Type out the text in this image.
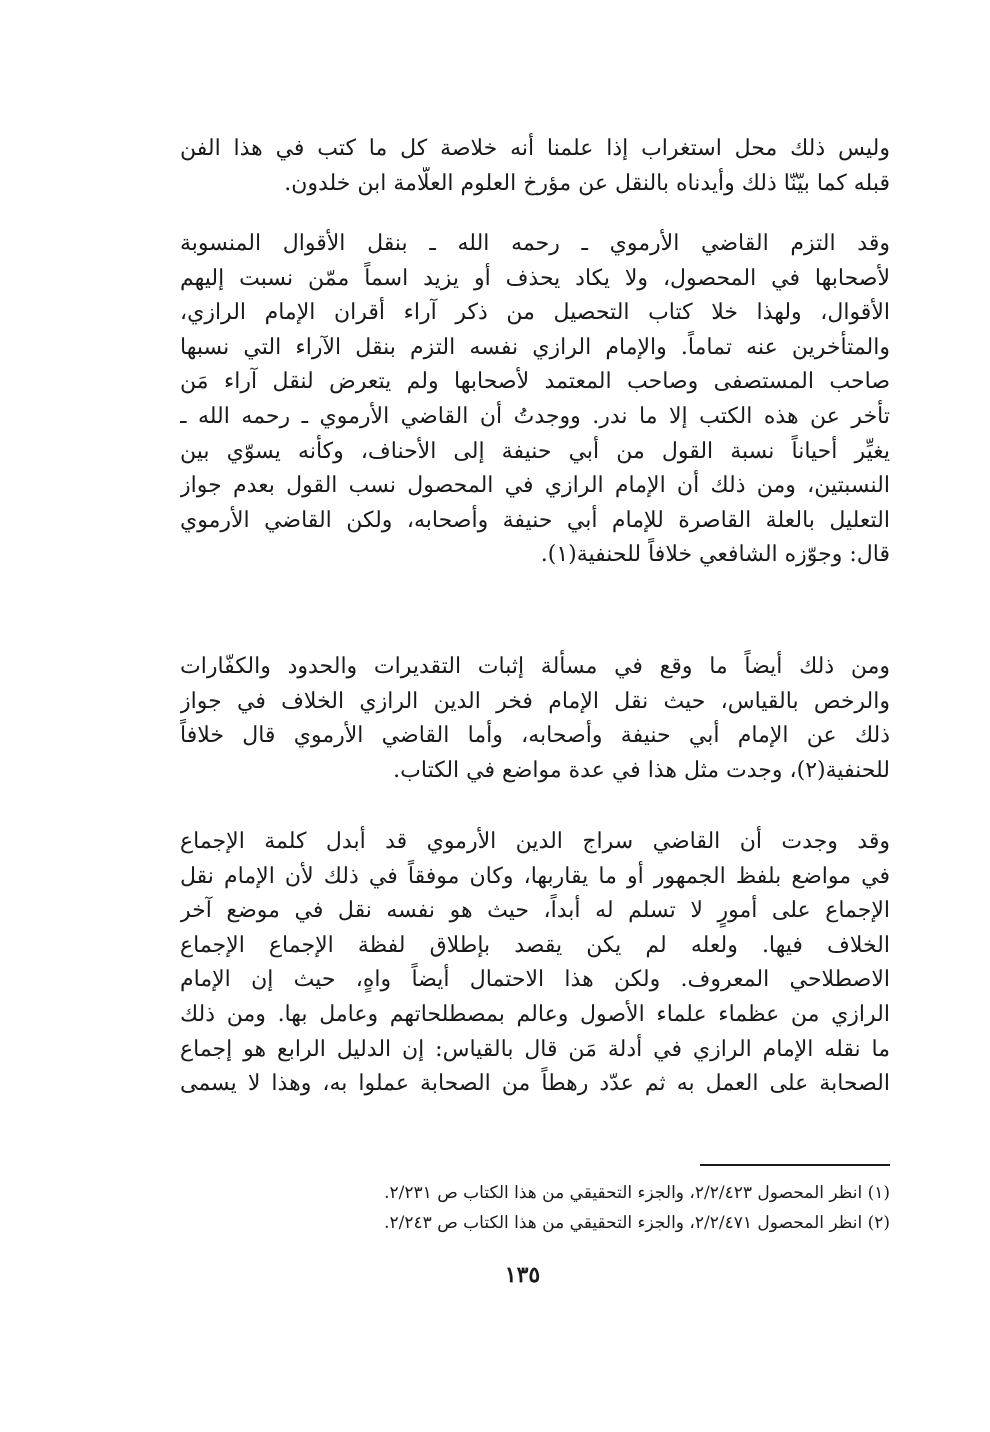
وليس ذلك محل استغراب إذا علمنا أنه خلاصة كل ما كتب في هذا الفن
قبله كما بيّنّا ذلك وأيدناه بالنقل عن مؤرخ العلوم العلّامة ابن خلدون.
وقد التزم القاضي الأرموي ـ رحمه الله ـ بنقل الأقوال المنسوبة
لأصحابها في المحصول، ولا يكاد يحذف أو يزيد اسماً ممّن نسبت إليهم
الأقوال، ولهذا خلا كتاب التحصيل من ذكر آراء أقران الإمام الرازي،
والمتأخرين عنه تماماً. والإمام الرازي نفسه التزم بنقل الآراء التي نسبها
صاحب المستصفى وصاحب المعتمد لأصحابها ولم يتعرض لنقل آراء مَن
تأخر عن هذه الكتب إلا ما ندر. ووجدتُ أن القاضي الأرموي ـ رحمه الله ـ
يغيِّر أحياناً نسبة القول من أبي حنيفة إلى الأحناف، وكأنه يسوّي بين
النسبتين، ومن ذلك أن الإمام الرازي في المحصول نسب القول بعدم جواز
التعليل بالعلة القاصرة للإمام أبي حنيفة وأصحابه، ولكن القاضي الأرموي
قال: وجوّزه الشافعي خلافاً للحنفية(١).
ومن ذلك أيضاً ما وقع في مسألة إثبات التقديرات والحدود والكفّارات
والرخص بالقياس، حيث نقل الإمام فخر الدين الرازي الخلاف في جواز
ذلك عن الإمام أبي حنيفة وأصحابه، وأما القاضي الأرموي قال خلافاً
للحنفية(٢)، وجدت مثل هذا في عدة مواضع في الكتاب.
وقد وجدت أن القاضي سراج الدين الأرموي قد أبدل كلمة الإجماع
في مواضع بلفظ الجمهور أو ما يقاربها، وكان موفقاً في ذلك لأن الإمام نقل
الإجماع على أمورٍ لا تسلم له أبداً، حيث هو نفسه نقل في موضع آخر
الخلاف فيها. ولعله لم يكن يقصد بإطلاق لفظة الإجماع الإجماع
الاصطلاحي المعروف. ولكن هذا الاحتمال أيضاً واهٍ، حيث إن الإمام
الرازي من عظماء علماء الأصول وعالم بمصطلحاتهم وعامل بها. ومن ذلك
ما نقله الإمام الرازي في أدلة مَن قال بالقياس: إن الدليل الرابع هو إجماع
الصحابة على العمل به ثم عدّد رهطاً من الصحابة عملوا به، وهذا لا يسمى
(١) انظر المحصول ٢/٢/٤٢٣، والجزء التحقيقي من هذا الكتاب ص ٢/٢٣١.
(٢) انظر المحصول ٢/٢/٤٧١، والجزء التحقيقي من هذا الكتاب ص ٢/٢٤٣.
١٣٥
